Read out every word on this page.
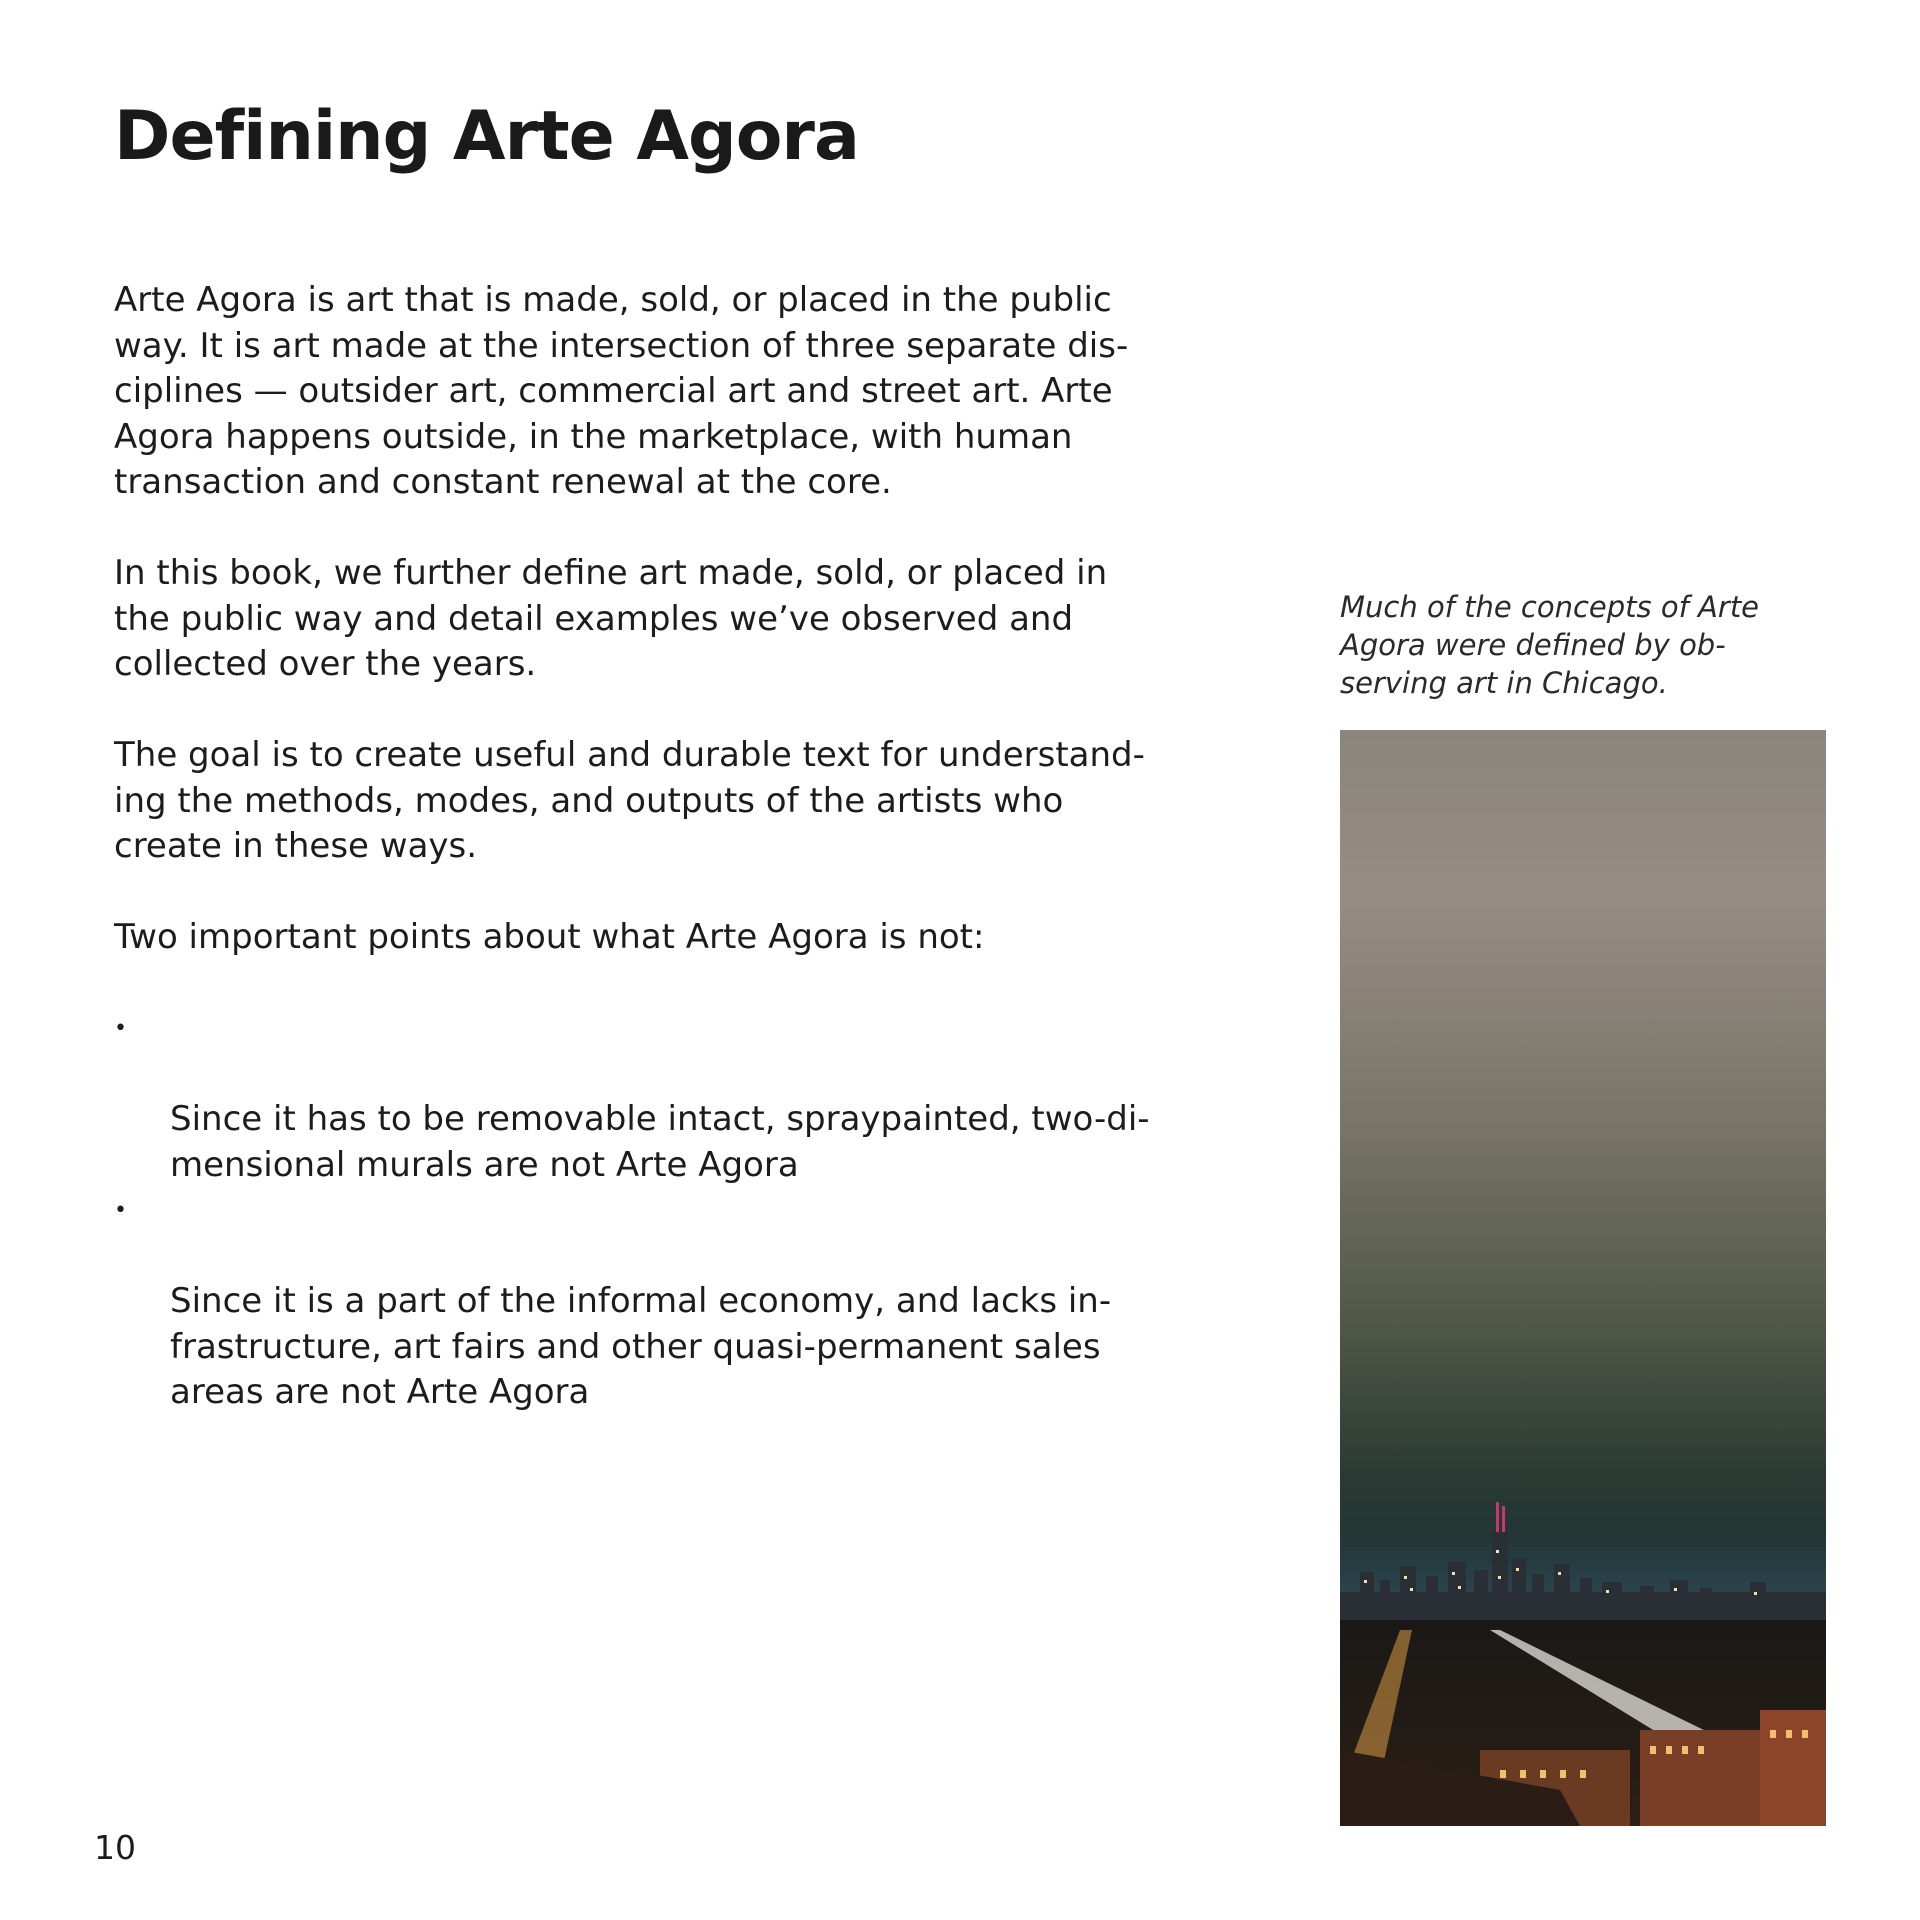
Defining Arte Agora

Arte Agora is art that is made, sold, or placed in the public
way. It is art made at the intersection of three separate dis-
ciplines — outsider art, commercial art and street art. Arte
Agora happens outside, in the marketplace, with human
transaction and constant renewal at the core.

In this book, we further define art made, sold, or placed in
the public way and detail examples we’ve observed and
collected over the years.

The goal is to create useful and durable text for understand-
ing the methods, modes, and outputs of the artists who
create in these ways.

Two important points about what Arte Agora is not:

•

Since it has to be removable intact, spraypainted, two-di-
mensional murals are not Arte Agora

•

Since it is a part of the informal economy, and lacks in-
frastructure, art fairs and other quasi-permanent sales
areas are not Arte Agora

Much of the concepts of Arte
Agora were defined by ob-
serving art in Chicago.

10
